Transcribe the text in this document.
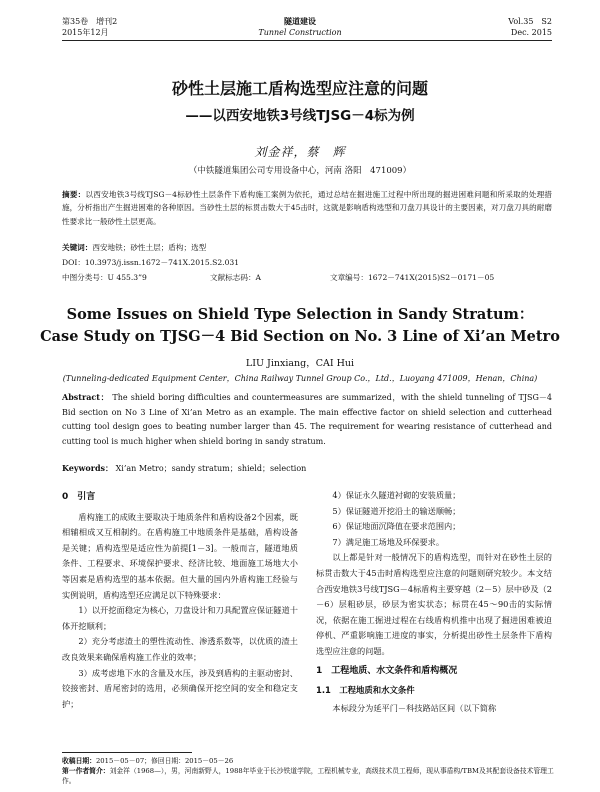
第35卷　增刊2
2015年12月
隧道建设
Tunnel Construction
Vol.35　S2
Dec. 2015
砂性土层施工盾构选型应注意的问题
——以西安地铁3号线TJSG－4标为例
刘金祥，蔡　辉
（中铁隧道集团公司专用设备中心，河南 洛阳　471009）
摘要：以西安地铁3号线TJSG－4标砂性土层条件下盾构施工案例为依托，通过总结在掘进施工过程中所出现的掘进困难问题和所采取的处理措施，分析指出产生掘进困难的各种原因。当砂性土层的标贯击数大于45击时，这就是影响盾构选型和刀盘刀具设计的主要因素，对刀盘刀具的耐磨性要求比一般砂性土层更高。
关键词：西安地铁；砂性土层；盾构；选型
DOI：10.3973/j.issn.1672－741X.2015.S2.031
中图分类号：U 455.3”9	文献标志码：A	文章编号：1672－741X(2015)S2－0171－05
Some Issues on Shield Type Selection in Sandy Stratum：
Case Study on TJSG－4 Bid Section on No. 3 Line of Xi’an Metro
LIU Jinxiang，CAI Hui
(Tunneling-dedicated Equipment Center，China Railway Tunnel Group Co.，Ltd.，Luoyang 471009，Henan，China)
Abstract： The shield boring difficulties and countermeasures are summarized，with the shield tunneling of TJSG－4 Bid section on No 3 Line of Xi’an Metro as an example. The main effective factor on shield selection and cutterhead cutting tool design goes to beating number larger than 45. The requirement for wearing resistance of cutterhead and cutting tool is much higher when shield boring in sandy stratum.
Keywords： Xi’an Metro；sandy stratum；shield；selection
0　引言

盾构施工的成败主要取决于地质条件和盾构设备2个因素，既相辅相成又互相制约。在盾构施工中地质条件是基础，盾构设备是关键；盾构选型是适应性为前提[1－3]。一般而言，隧道地质条件、工程要求、环境保护要求、经济比较、地面施工场地大小等因素是盾构选型的基本依据。但大量的国内外盾构施工经验与实例说明，盾构选型还应满足以下特殊要求：

1）以开挖面稳定为核心，刀盘设计和刀具配置应保证隧道十体开挖顺利；

2）充分考虑渣土的塑性流动性、渗透系数等，以优质的渣土改良效果来确保盾构施工作业的效率；

3）成考虑地下水的含量及水压，涉及到盾构的主驱动密封、铰接密封、盾尾密封的选用，必须确保开挖空间的安全和稳定支护；

4）保证永久隧道衬砌的安装质量；

5）保证隧道开挖沿土的输送顺畅；

6）保证地面沉降值在要求范围内；

7）满足施工场地及环保要求。

以上都是针对一般情况下的盾构选型，而针对在砂性土层的标贯击数大于45击时盾构选型应注意的问题则研究较少。本文结合西安地铁3号线TJSG－4标盾构主要穿越（2－5）层中砂及（2－6）层粗砂层，砂层为密实状态；标贯在45～90击的实际情况，依据在施工掘进过程在右线盾构机推中出现了掘进困难被迫停机、严重影响施工进度的事实，分析提出砂性土层条件下盾构选型应注意的问题。

1　工程地质、水文条件和盾构概况
1.1　工程地质和水文条件

本标段分为延平门－科技路站区间（以下简称

收稿日期：2015－05－07；修回日期：2015－05－26
第一作者简介：刘金祥（1968—），男，河南新野人，1988年毕业于长沙铁道学院，工程机械专业，高级技术员工程师，现从事盾构/TBM及其配套设备技术管理工作。
